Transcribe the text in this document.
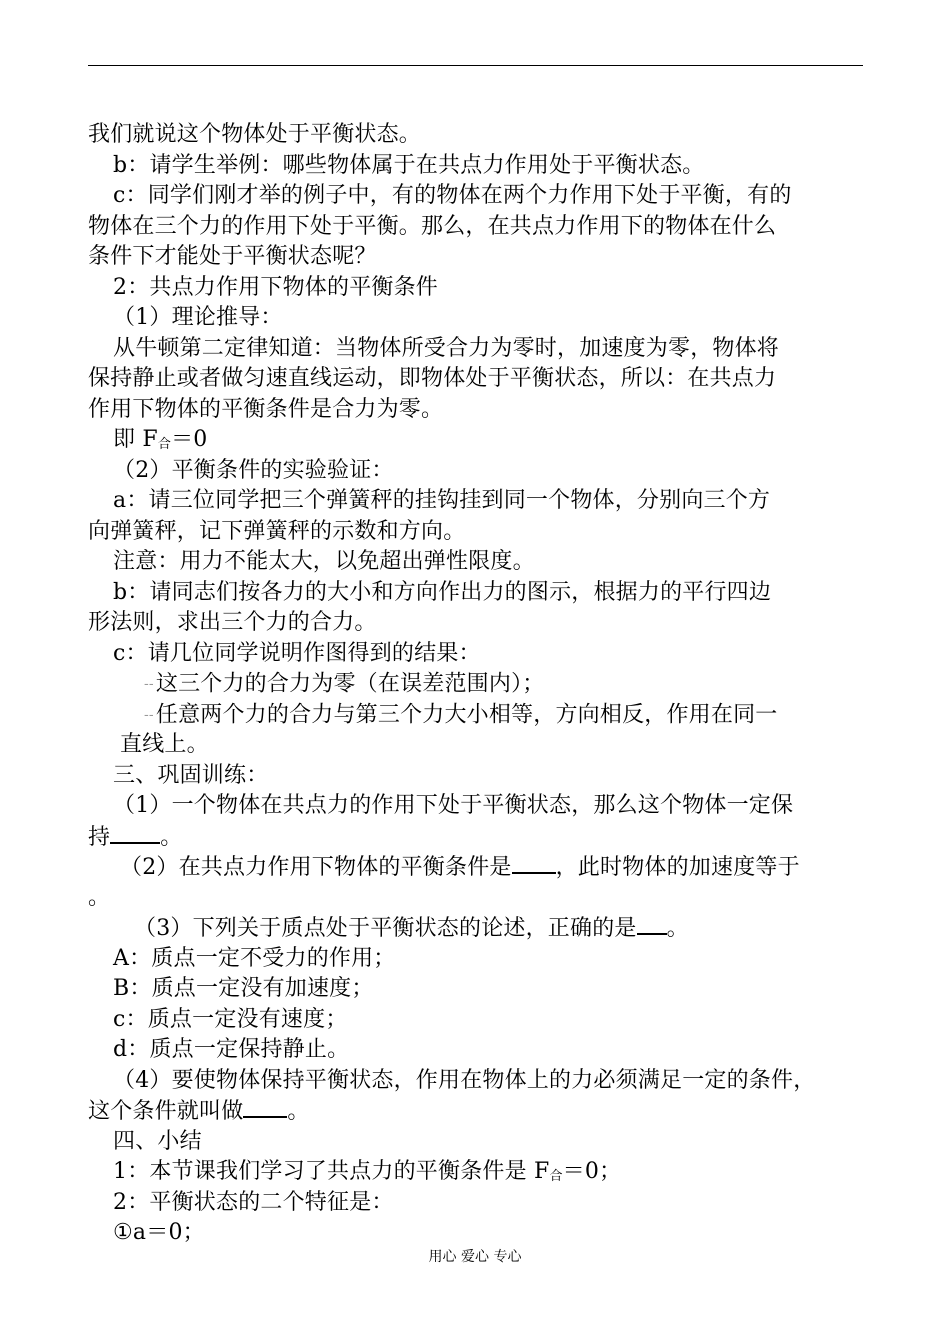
我们就说这个物体处于平衡状态。
b：请学生举例：哪些物体属于在共点力作用处于平衡状态。
c：同学们刚才举的例子中，有的物体在两个力作用下处于平衡，有的
物体在三个力的作用下处于平衡。那么，在共点力作用下的物体在什么
条件下才能处于平衡状态呢？
2：共点力作用下物体的平衡条件
（1）理论推导：
从牛顿第二定律知道：当物体所受合力为零时，加速度为零，物体将
保持静止或者做匀速直线运动，即物体处于平衡状态，所以：在共点力
作用下物体的平衡条件是合力为零。
即 F合＝0
（2）平衡条件的实验验证：
a：请三位同学把三个弹簧秤的挂钩挂到同一个物体，分别向三个方
向弹簧秤，记下弹簧秤的示数和方向。
注意：用力不能太大，以免超出弹性限度。
b：请同志们按各力的大小和方向作出力的图示，根据力的平行四边
形法则，求出三个力的合力。
c：请几位同学说明作图得到的结果：
--这三个力的合力为零（在误差范围内）；
--任意两个力的合力与第三个力大小相等，方向相反，作用在同一
直线上。
三、巩固训练：
（1）一个物体在共点力的作用下处于平衡状态，那么这个物体一定保
持 。
（2）在共点力作用下物体的平衡条件是 ，此时物体的加速度等于
。
（3）下列关于质点处于平衡状态的论述，正确的是 。
A：质点一定不受力的作用；
B：质点一定没有加速度；
c：质点一定没有速度；
d：质点一定保持静止。
（4）要使物体保持平衡状态，作用在物体上的力必须满足一定的条件，
这个条件就叫做 。
四、小结
1：本节课我们学习了共点力的平衡条件是 F合＝0；
2：平衡状态的二个特征是：
①a＝0；
用心 爱心 专心
